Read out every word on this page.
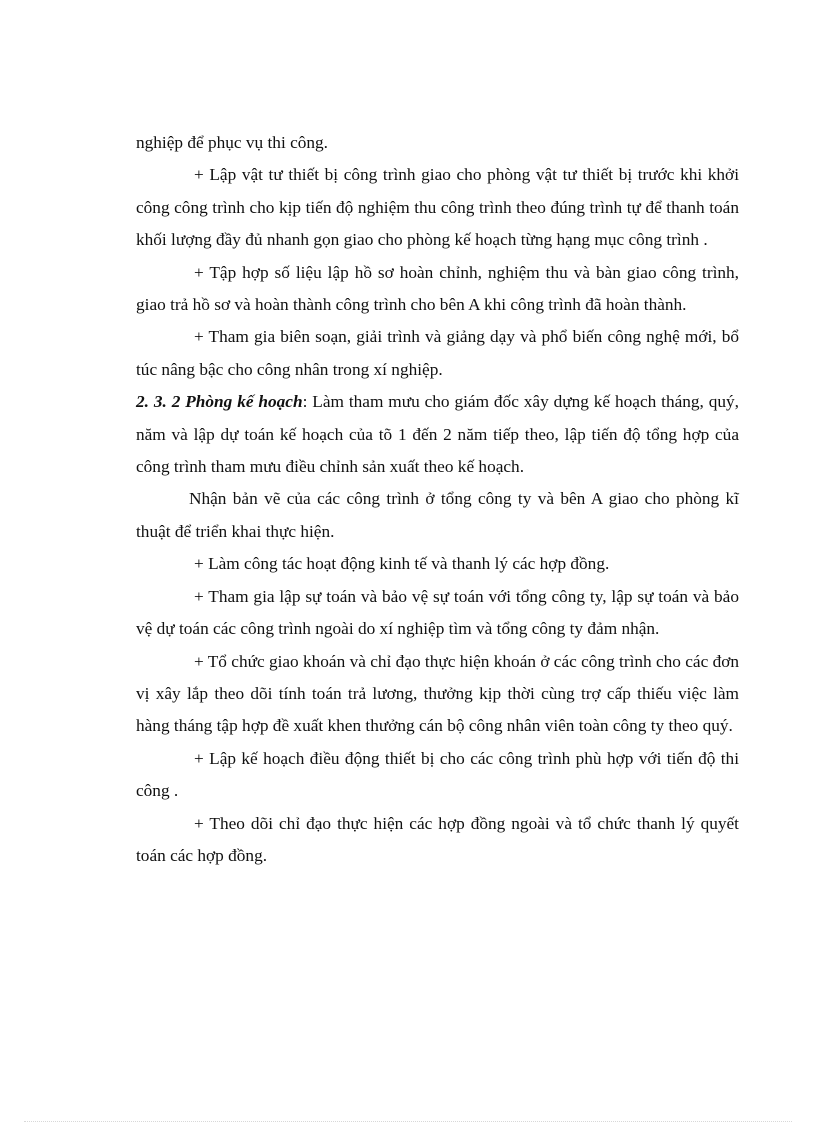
nghiệp để phục vụ thi công.

+ Lập vật tư thiết bị công trình giao cho phòng vật tư thiết bị trước khi khởi công công trình cho kịp tiến độ nghiệm thu công trình theo đúng trình tự để thanh toán khối lượng đầy đủ nhanh gọn giao cho phòng kế hoạch từng hạng mục công trình .

+ Tập hợp số liệu lập hồ sơ hoàn chỉnh, nghiệm thu và bàn giao công trình, giao trả hồ sơ và hoàn thành công trình cho bên A khi công trình đã hoàn thành.

+ Tham gia biên soạn, giải trình và giảng dạy và phổ biến công nghệ mới, bổ túc nâng bậc cho công nhân trong xí nghiệp.

2. 3. 2 Phòng kế hoạch: Làm tham mưu cho giám đốc xây dựng kế hoạch tháng, quý, năm và lập dự toán kế hoạch của tõ 1 đến 2 năm tiếp theo, lập tiến độ tổng hợp của công trình tham mưu điều chỉnh sản xuất theo kế hoạch.

Nhận bản vẽ của các công trình ở tổng công ty và bên A giao cho phòng kĩ thuật để triển khai thực hiện.

+ Làm công tác hoạt động kinh tế và thanh lý các hợp đồng.

+ Tham gia lập sự toán và bảo vệ sự toán với tổng công ty, lập sự toán và bảo vệ dự toán các công trình ngoài do xí nghiệp tìm và tổng công ty đảm nhận.

+ Tổ chức giao khoán và chỉ đạo thực hiện khoán ở các công trình cho các đơn vị xây lắp theo dõi tính toán trả lương, thưởng kịp thời cùng trợ cấp thiếu việc làm hàng tháng tập hợp đề xuất khen thưởng cán bộ công nhân viên toàn công ty theo quý.

+ Lập kế hoạch điều động thiết bị cho các công trình phù hợp với tiến độ thi công .

+ Theo dõi chỉ đạo thực hiện các hợp đồng ngoài và tổ chức thanh lý quyết toán các hợp đồng.
